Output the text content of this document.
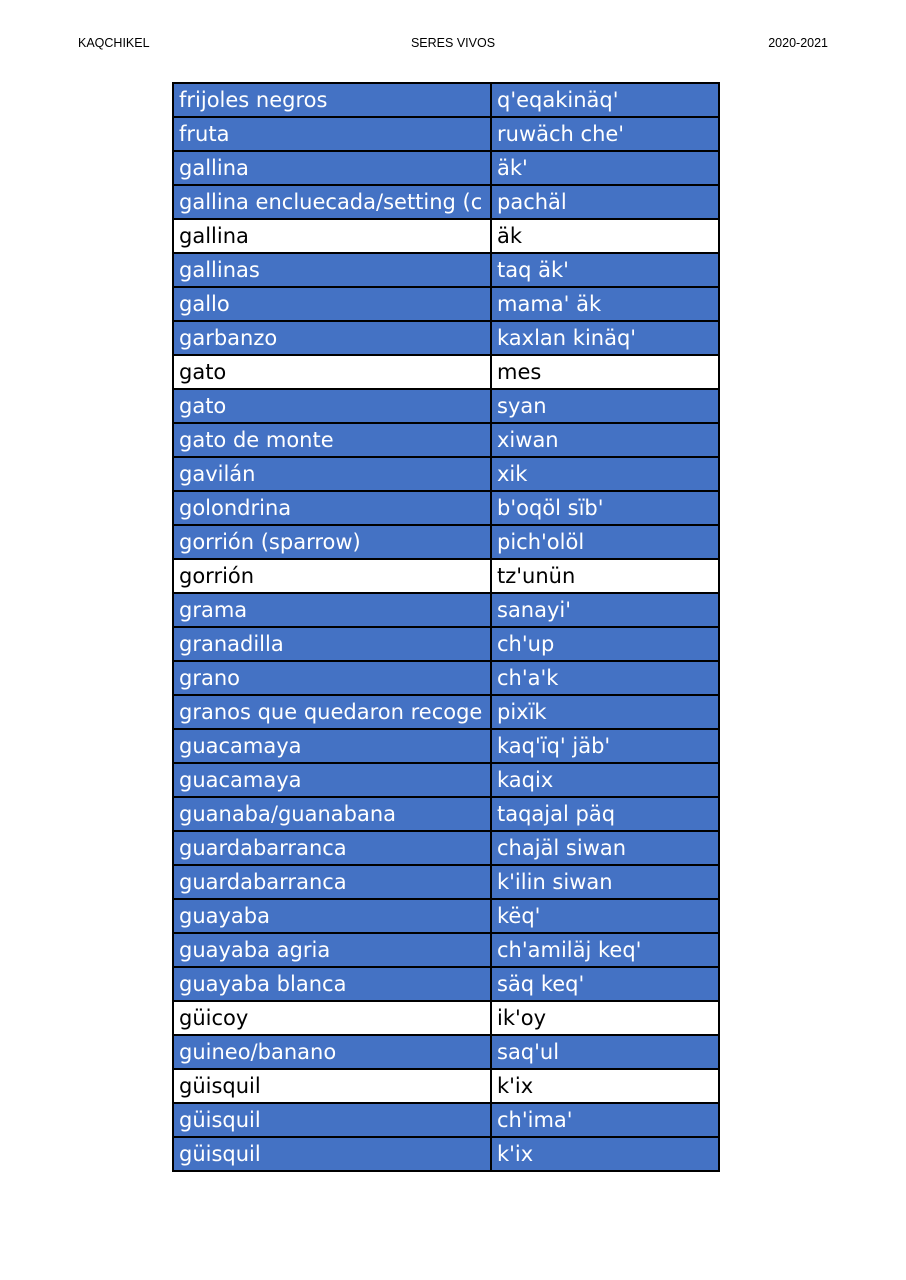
KAQCHIKEL	SERES VIVOS	2020-2021
frijoles negros	q'eqakinäq'
fruta	ruwäch che'
gallina	äk'
gallina encluecada/setting (c	pachäl
gallina	äk
gallinas	taq äk'
gallo	mama' äk
garbanzo	kaxlan kinäq'
gato	mes
gato	syan
gato de monte	xiwan
gavilán	xik
golondrina	b'oqöl sïb'
gorrión (sparrow)	pich'olöl
gorrión	tz'unün
grama	sanayi'
granadilla	ch'up
grano	ch'a'k
granos que quedaron recoge	pixïk
guacamaya	kaq'ïq' jäb'
guacamaya	kaqix
guanaba/guanabana	taqajal päq
guardabarranca	chajäl siwan
guardabarranca	k'ilin siwan
guayaba	këq'
guayaba agria	ch'amiläj keq'
guayaba blanca	säq keq'
güicoy	ik'oy
guineo/banano	saq'ul
güisquil	k'ix
güisquil	ch'ima'
güisquil	k'ix
